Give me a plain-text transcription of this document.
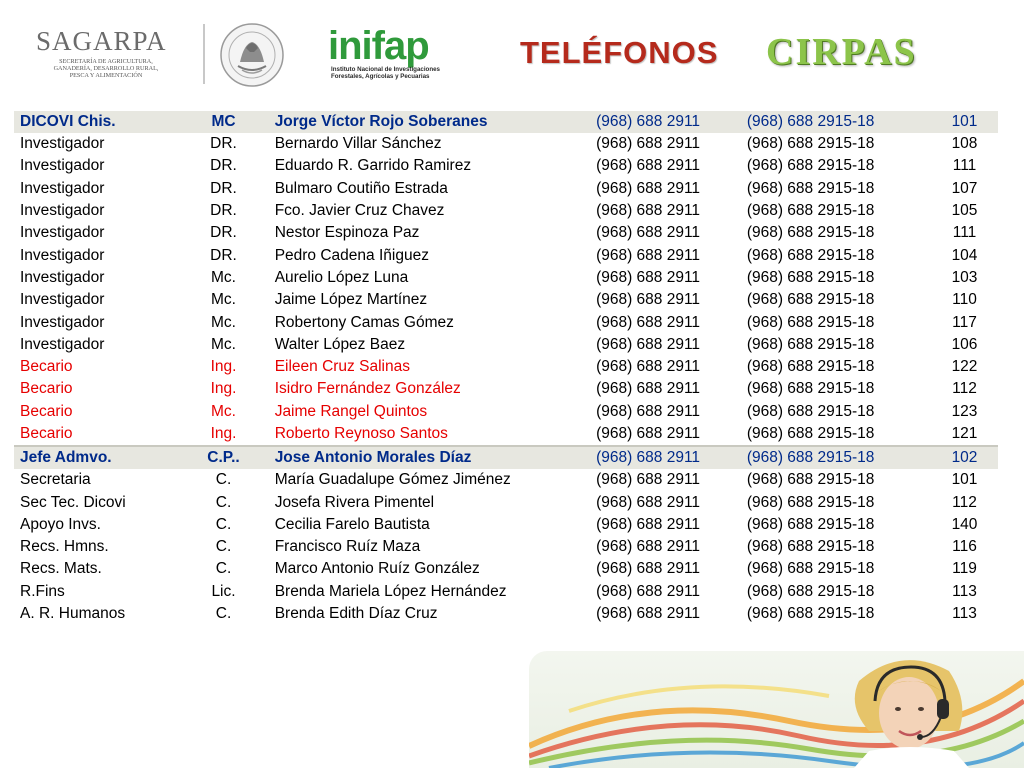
SAGARPA
SECRETARÍA DE AGRICULTURA,
GANADERÍA, DESARROLLO RURAL,
PESCA Y ALIMENTACIÓN
inifap
Instituto Nacional de Investigaciones
Forestales, Agrícolas y Pecuarias
TELÉFONOS CIRPAS
DICOVI Chis.	MC	Jorge Víctor Rojo Soberanes	(968) 688 2911	(968) 688 2915-18	101
Investigador	DR.	Bernardo Villar Sánchez	(968) 688 2911	(968) 688 2915-18	108
Investigador	DR.	Eduardo R. Garrido Ramirez	(968) 688 2911	(968) 688 2915-18	111
Investigador	DR.	Bulmaro Coutiño Estrada	(968) 688 2911	(968) 688 2915-18	107
Investigador	DR.	Fco. Javier Cruz Chavez	(968) 688 2911	(968) 688 2915-18	105
Investigador	DR.	Nestor Espinoza Paz	(968) 688 2911	(968) 688 2915-18	111
Investigador	DR.	Pedro Cadena Iñiguez	(968) 688 2911	(968) 688 2915-18	104
Investigador	Mc.	Aurelio López Luna	(968) 688 2911	(968) 688 2915-18	103
Investigador	Mc.	Jaime López Martínez	(968) 688 2911	(968) 688 2915-18	110
Investigador	Mc.	Robertony Camas Gómez	(968) 688 2911	(968) 688 2915-18	117
Investigador	Mc.	Walter López Baez	(968) 688 2911	(968) 688 2915-18	106
Becario	Ing.	Eileen Cruz Salinas	(968) 688 2911	(968) 688 2915-18	122
Becario	Ing.	Isidro Fernández González	(968) 688 2911	(968) 688 2915-18	112
Becario	Mc.	Jaime Rangel Quintos	(968) 688 2911	(968) 688 2915-18	123
Becario	Ing.	Roberto Reynoso Santos	(968) 688 2911	(968) 688 2915-18	121
Jefe Admvo.	C.P..	Jose Antonio Morales Díaz	(968) 688 2911	(968) 688 2915-18	102
Secretaria	C.	María Guadalupe Gómez Jiménez	(968) 688 2911	(968) 688 2915-18	101
Sec Tec. Dicovi	C.	Josefa Rivera Pimentel	(968) 688 2911	(968) 688 2915-18	112
Apoyo Invs.	C.	Cecilia Farelo Bautista	(968) 688 2911	(968) 688 2915-18	140
Recs. Hmns.	C.	Francisco Ruíz Maza	(968) 688 2911	(968) 688 2915-18	116
Recs. Mats.	C.	Marco Antonio Ruíz González	(968) 688 2911	(968) 688 2915-18	119
R.Fins	Lic.	Brenda Mariela López Hernández	(968) 688 2911	(968) 688 2915-18	113
A. R. Humanos	C.	Brenda Edith Díaz Cruz	(968) 688 2911	(968) 688 2915-18	113
